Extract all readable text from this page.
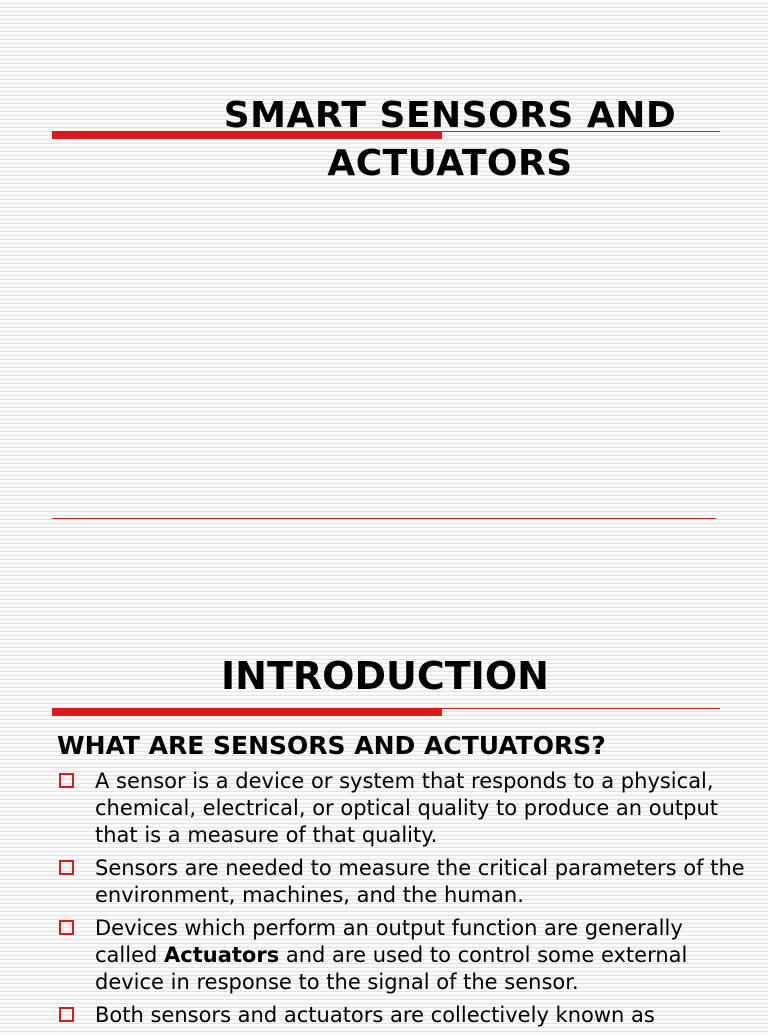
SMART SENSORS AND ACTUATORS
INTRODUCTION
WHAT ARE SENSORS AND ACTUATORS?
A sensor is a device or system that responds to a physical, chemical, electrical, or optical quality to produce an output that is a measure of that quality.
Sensors are needed to measure the critical parameters of the environment, machines, and the human.
Devices which perform an output function are generally called Actuators and are used to control some external device in response to the signal of the sensor.
Both sensors and actuators are collectively known as
